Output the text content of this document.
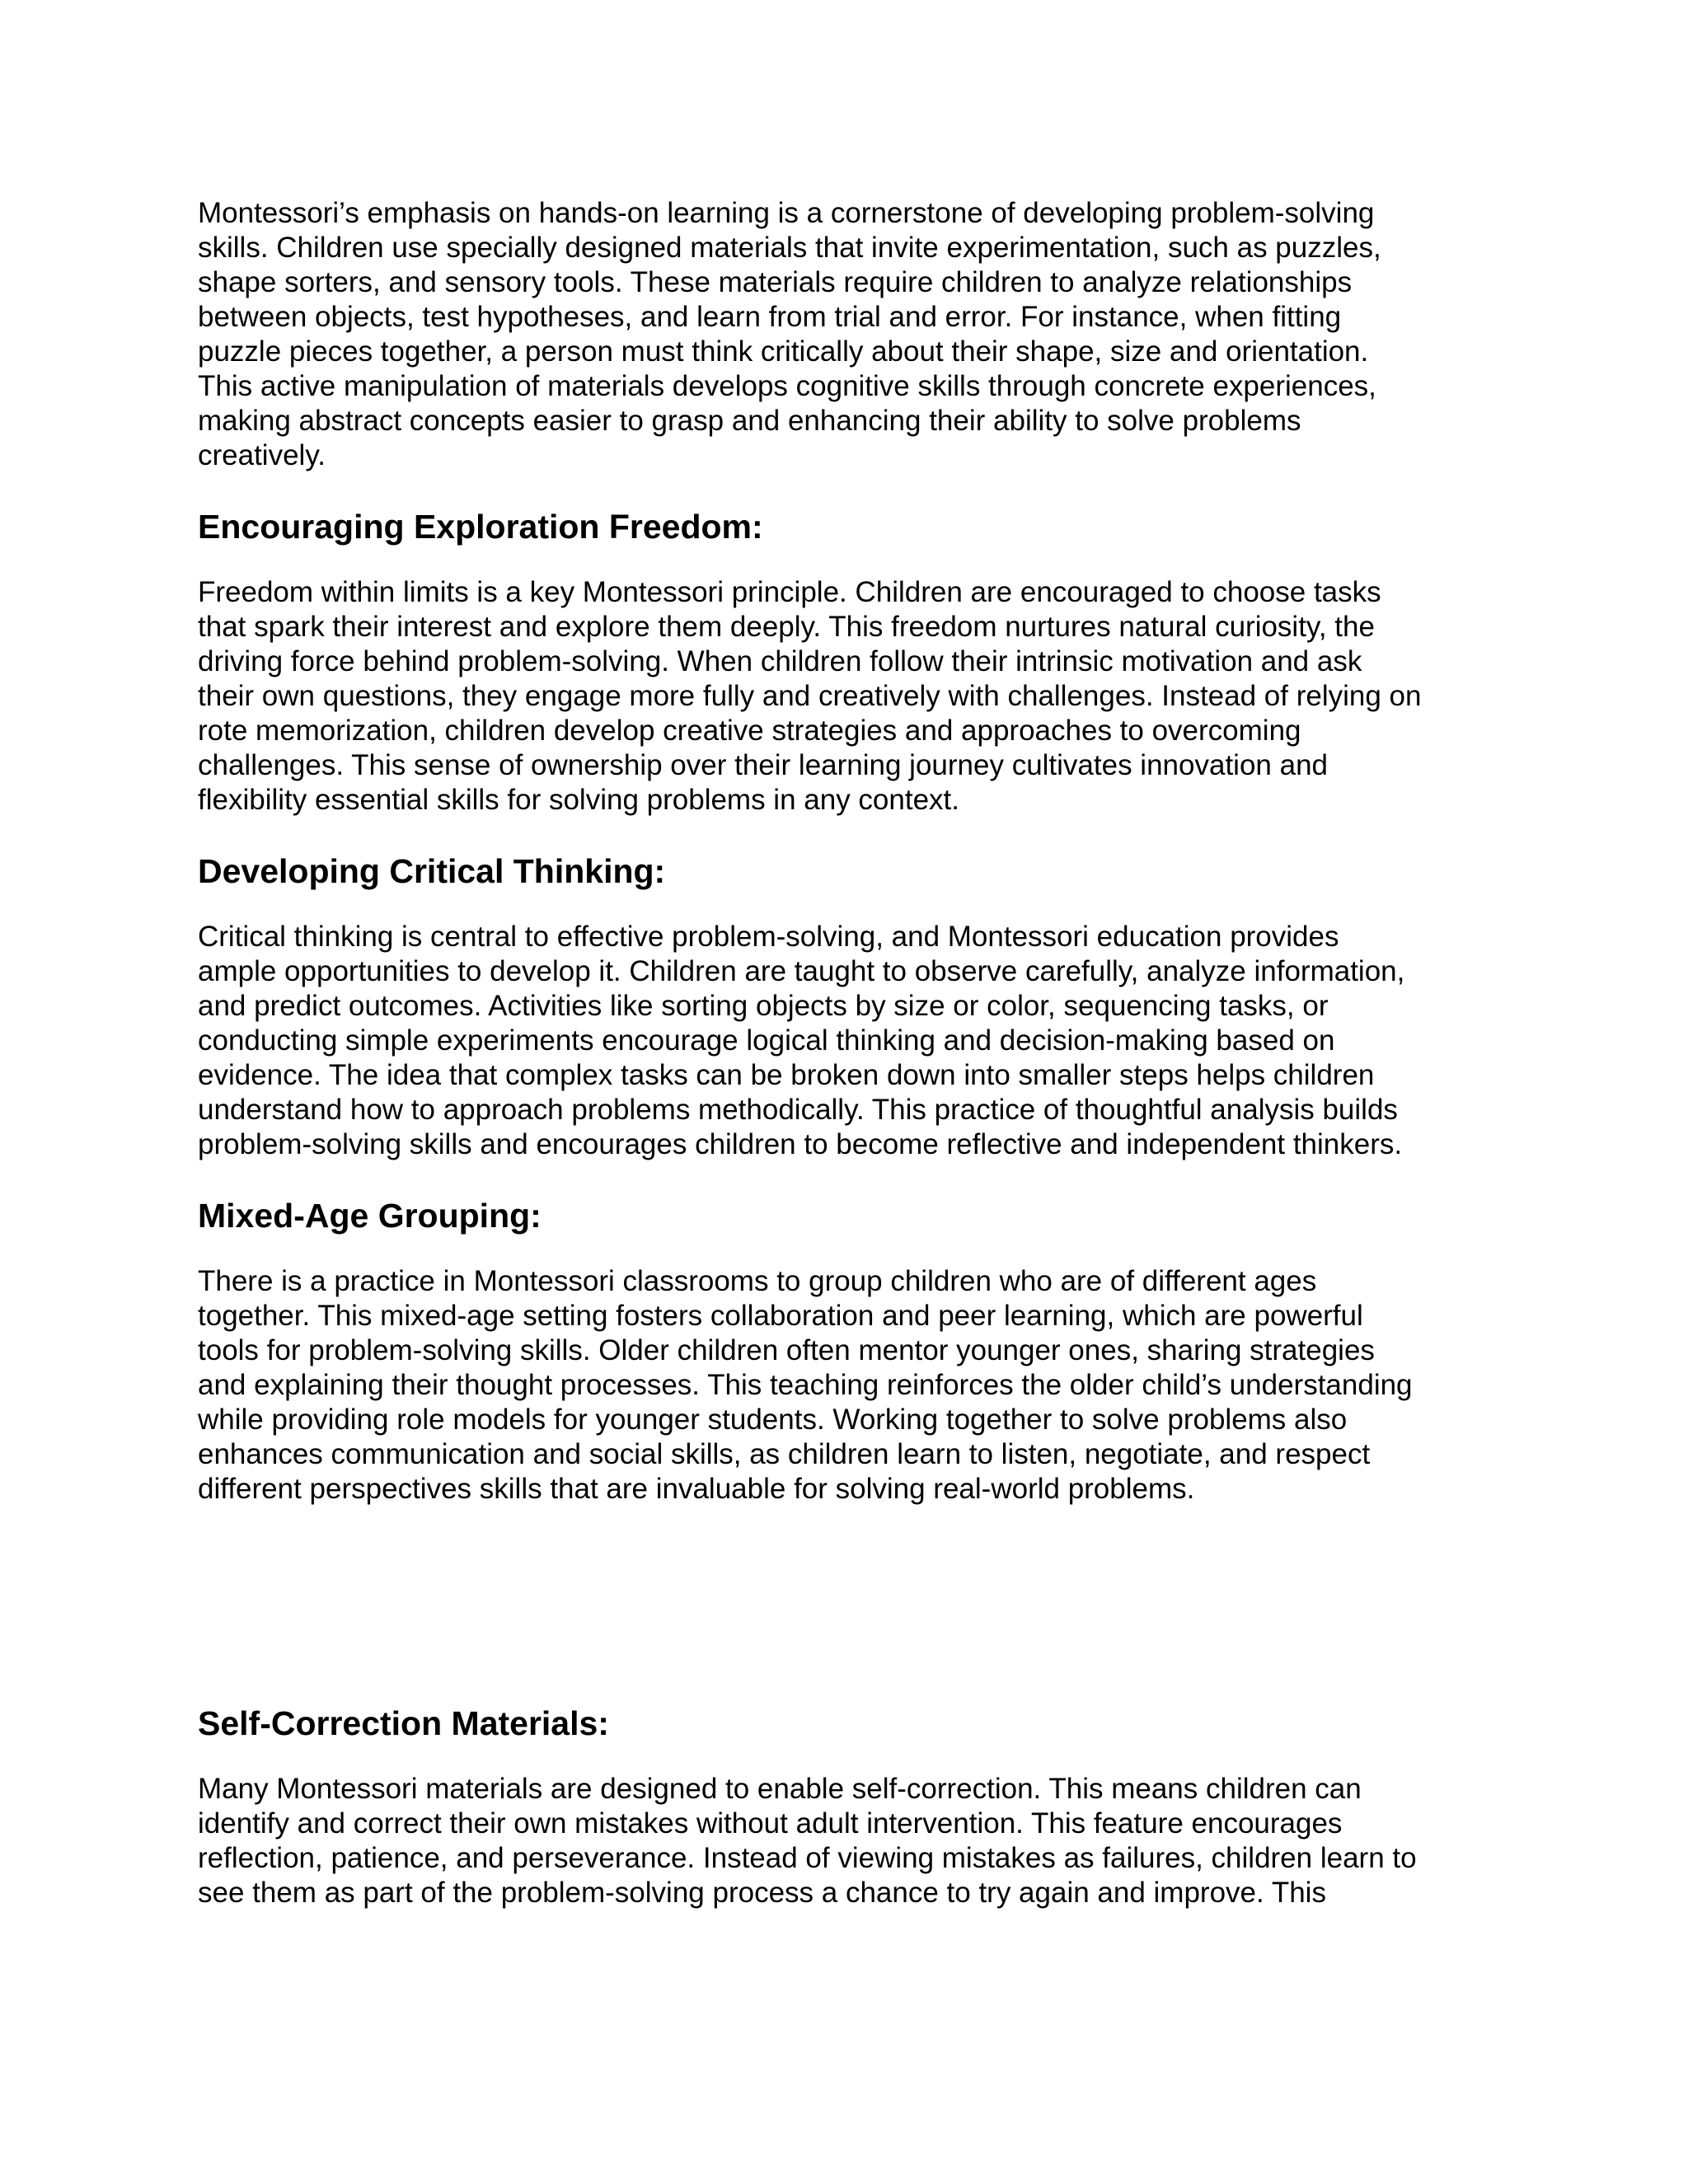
Montessori’s emphasis on hands-on learning is a cornerstone of developing problem-solving
skills. Children use specially designed materials that invite experimentation, such as puzzles,
shape sorters, and sensory tools. These materials require children to analyze relationships
between objects, test hypotheses, and learn from trial and error. For instance, when fitting
puzzle pieces together, a person must think critically about their shape, size and orientation.
This active manipulation of materials develops cognitive skills through concrete experiences,
making abstract concepts easier to grasp and enhancing their ability to solve problems
creatively.
Encouraging Exploration Freedom:
Freedom within limits is a key Montessori principle. Children are encouraged to choose tasks
that spark their interest and explore them deeply. This freedom nurtures natural curiosity, the
driving force behind problem-solving. When children follow their intrinsic motivation and ask
their own questions, they engage more fully and creatively with challenges. Instead of relying on
rote memorization, children develop creative strategies and approaches to overcoming
challenges. This sense of ownership over their learning journey cultivates innovation and
flexibility essential skills for solving problems in any context.
Developing Critical Thinking:
Critical thinking is central to effective problem-solving, and Montessori education provides
ample opportunities to develop it. Children are taught to observe carefully, analyze information,
and predict outcomes. Activities like sorting objects by size or color, sequencing tasks, or
conducting simple experiments encourage logical thinking and decision-making based on
evidence. The idea that complex tasks can be broken down into smaller steps helps children
understand how to approach problems methodically. This practice of thoughtful analysis builds
problem-solving skills and encourages children to become reflective and independent thinkers.
Mixed-Age Grouping:
There is a practice in Montessori classrooms to group children who are of different ages
together. This mixed-age setting fosters collaboration and peer learning, which are powerful
tools for problem-solving skills. Older children often mentor younger ones, sharing strategies
and explaining their thought processes. This teaching reinforces the older child’s understanding
while providing role models for younger students. Working together to solve problems also
enhances communication and social skills, as children learn to listen, negotiate, and respect
different perspectives skills that are invaluable for solving real-world problems.
Self-Correction Materials:
Many Montessori materials are designed to enable self-correction. This means children can
identify and correct their own mistakes without adult intervention. This feature encourages
reflection, patience, and perseverance. Instead of viewing mistakes as failures, children learn to
see them as part of the problem-solving process a chance to try again and improve. This
